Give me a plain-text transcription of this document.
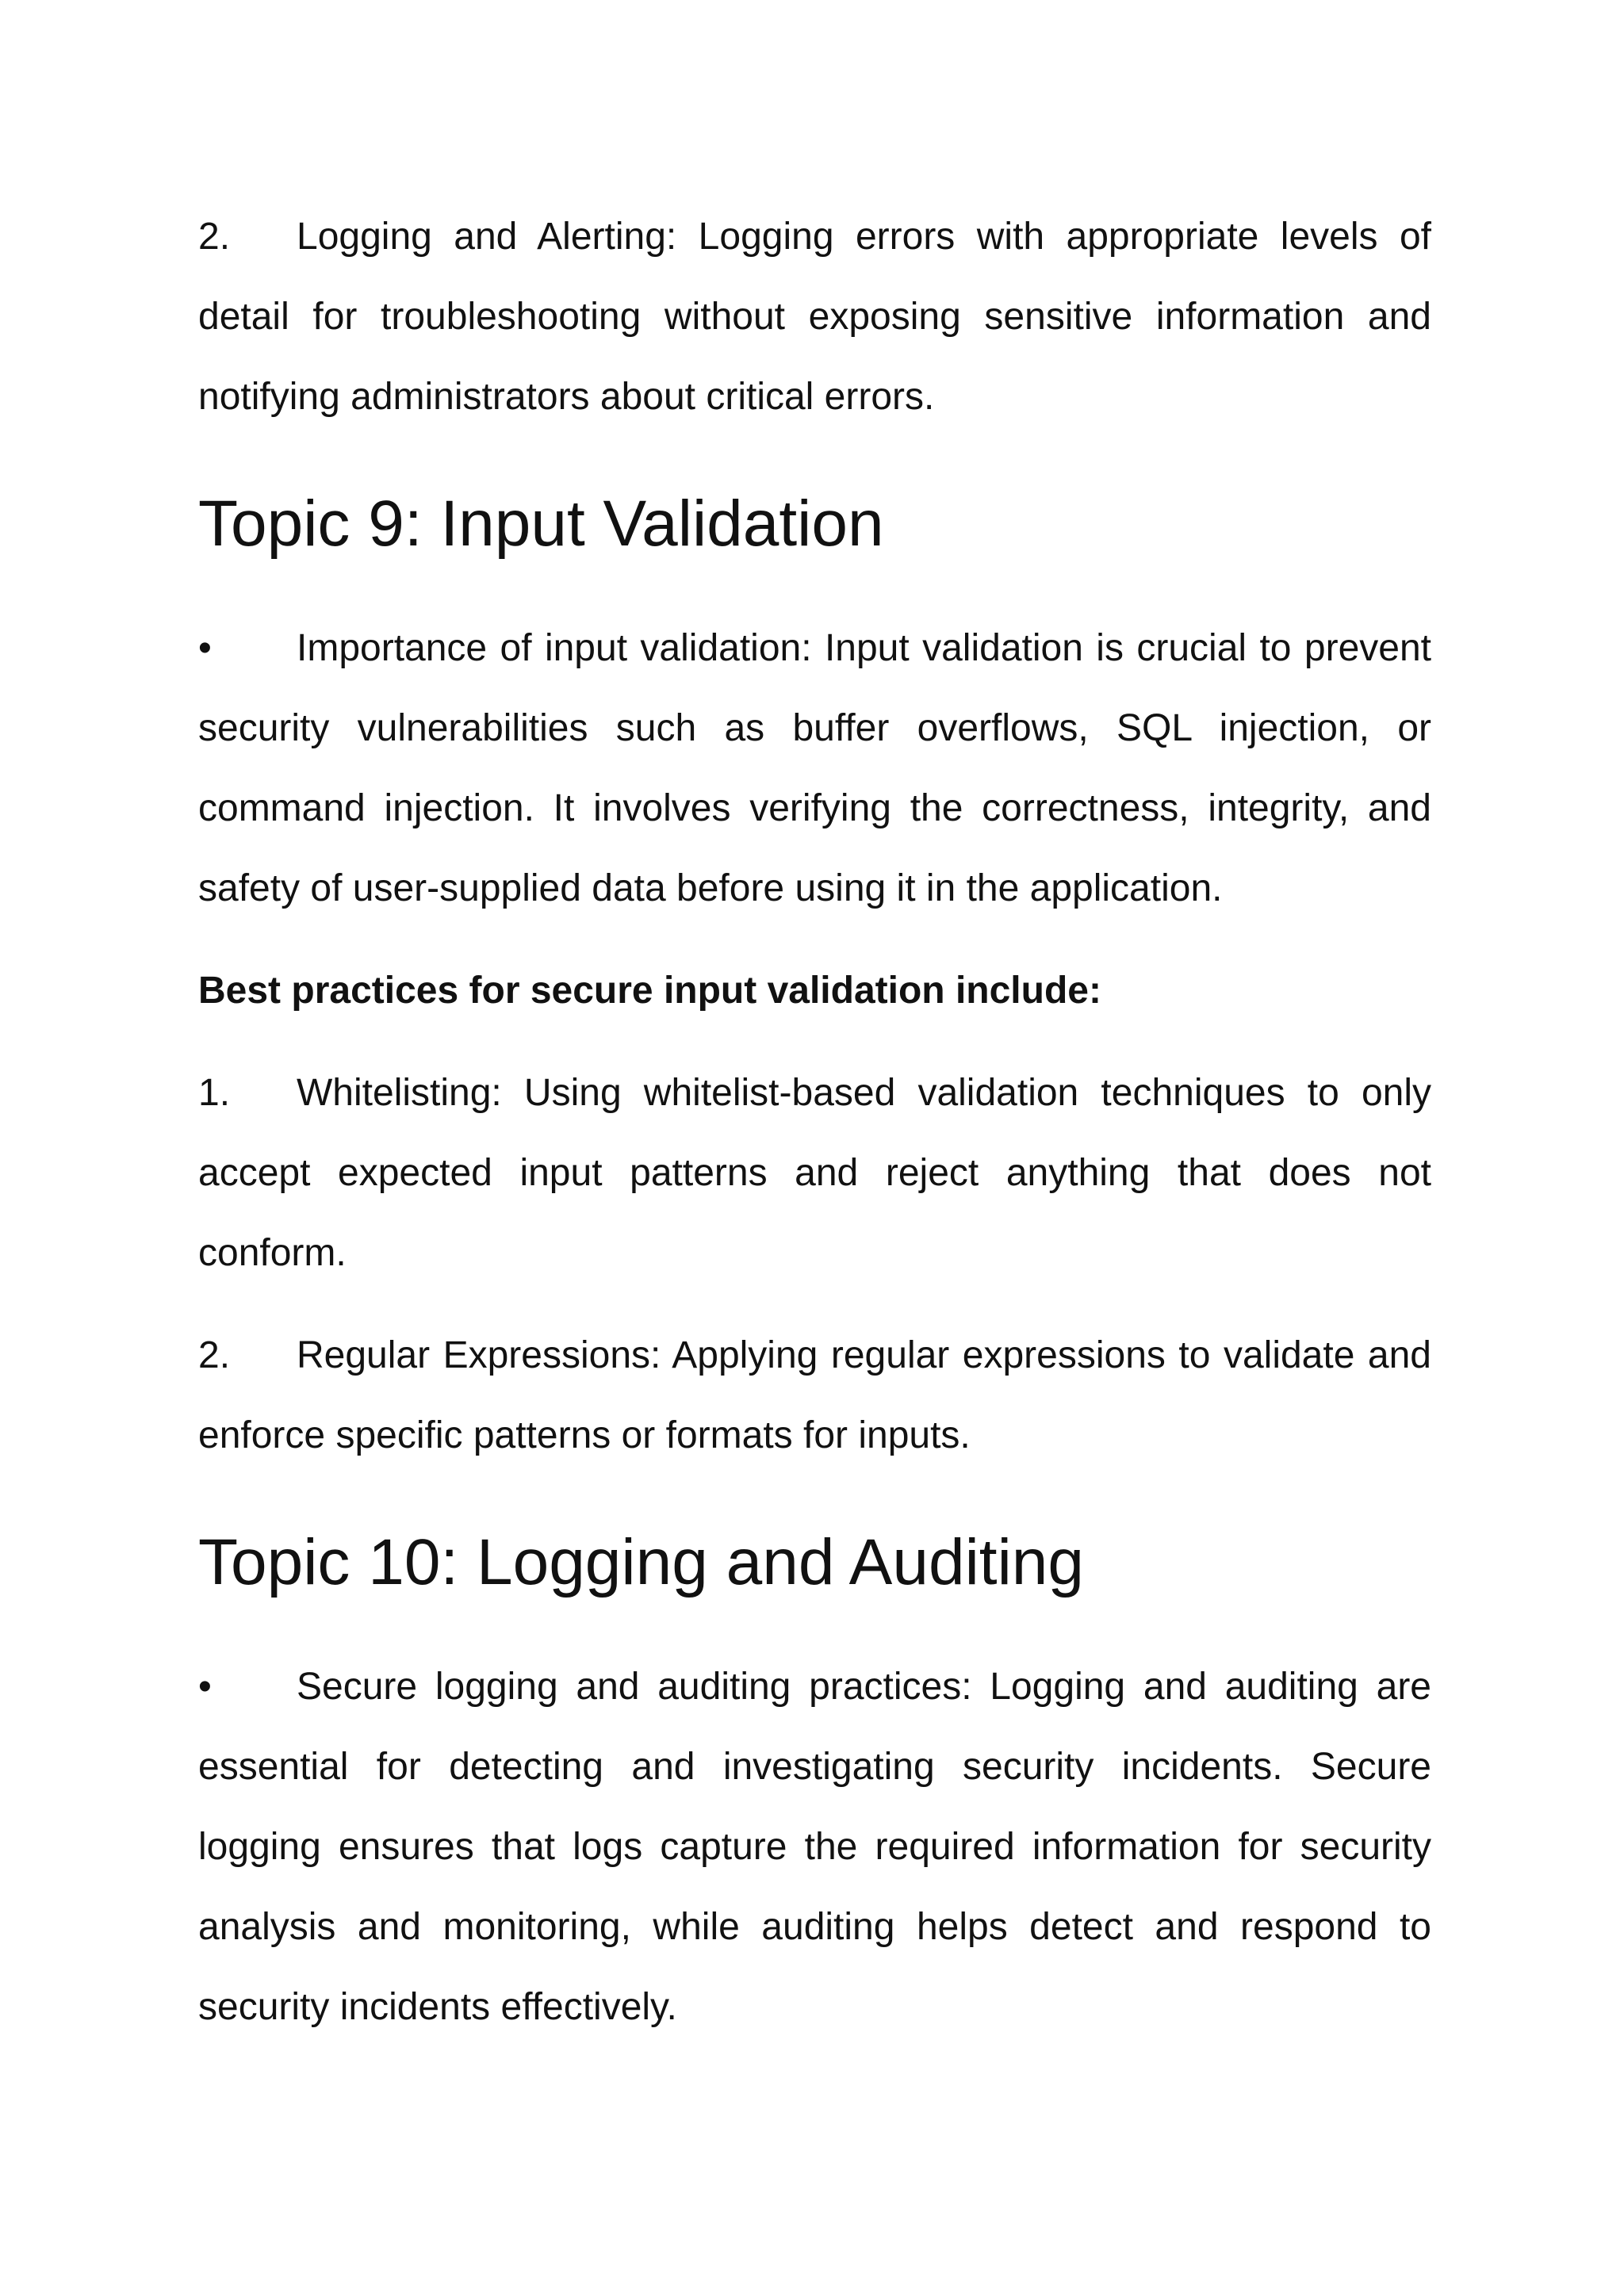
2. Logging and Alerting: Logging errors with appropriate levels of detail for troubleshooting without exposing sensitive information and notifying administrators about critical errors.

Topic 9: Input Validation

• Importance of input validation: Input validation is crucial to prevent security vulnerabilities such as buffer overflows, SQL injection, or command injection. It involves verifying the correctness, integrity, and safety of user-supplied data before using it in the application.

Best practices for secure input validation include:

1. Whitelisting: Using whitelist-based validation techniques to only accept expected input patterns and reject anything that does not conform.

2. Regular Expressions: Applying regular expressions to validate and enforce specific patterns or formats for inputs.

Topic 10: Logging and Auditing

• Secure logging and auditing practices: Logging and auditing are essential for detecting and investigating security incidents. Secure logging ensures that logs capture the required information for security analysis and monitoring, while auditing helps detect and respond to security incidents effectively.
